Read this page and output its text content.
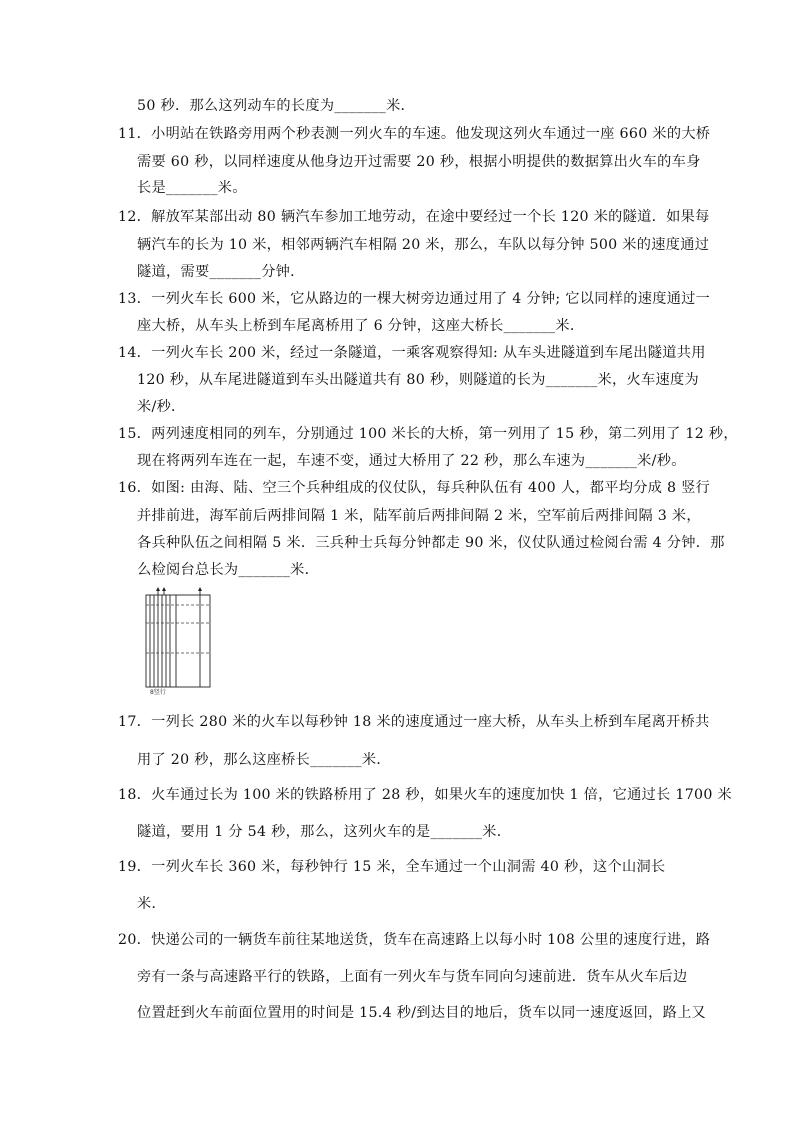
50 秒．那么这列动车的长度为_______米．
11．小明站在铁路旁用两个秒表测一列火车的车速。他发现这列火车通过一座 660 米的大桥
需要 60 秒，以同样速度从他身边开过需要 20 秒，根据小明提供的数据算出火车的车身
长是_______米。
12．解放军某部出动 80 辆汽车参加工地劳动，在途中要经过一个长 120 米的隧道．如果每
辆汽车的长为 10 米，相邻两辆汽车相隔 20 米，那么，车队以每分钟 500 米的速度通过
隧道，需要_______分钟．
13．一列火车长 600 米，它从路边的一棵大树旁边通过用了 4 分钟; 它以同样的速度通过一
座大桥，从车头上桥到车尾离桥用了 6 分钟，这座大桥长_______米．
14．一列火车长 200 米，经过一条隧道，一乘客观察得知: 从车头进隧道到车尾出隧道共用
120 秒，从车尾进隧道到车头出隧道共有 80 秒，则隧道的长为_______米，火车速度为
米/秒．
15．两列速度相同的列车，分别通过 100 米长的大桥，第一列用了 15 秒，第二列用了 12 秒，
现在将两列车连在一起，车速不变，通过大桥用了 22 秒，那么车速为_______米/秒。
16．如图: 由海、陆、空三个兵种组成的仪仗队，每兵种队伍有 400 人，都平均分成 8 竖行
并排前进，海军前后两排间隔 1 米，陆军前后两排间隔 2 米，空军前后两排间隔 3 米，
各兵种队伍之间相隔 5 米．三兵种士兵每分钟都走 90 米，仪仗队通过检阅台需 4 分钟．那
么检阅台总长为_______米．
8竖行
17．一列长 280 米的火车以每秒钟 18 米的速度通过一座大桥，从车头上桥到车尾离开桥共
用了 20 秒，那么这座桥长_______米．
18．火车通过长为 100 米的铁路桥用了 28 秒，如果火车的速度加快 1 倍，它通过长 1700 米
隧道，要用 1 分 54 秒，那么，这列火车的是_______米．
19．一列火车长 360 米，每秒钟行 15 米，全车通过一个山洞需 40 秒，这个山洞长
米．
20．快递公司的一辆货车前往某地送货，货车在高速路上以每小时 108 公里的速度行进，路
旁有一条与高速路平行的铁路，上面有一列火车与货车同向匀速前进．货车从火车后边
位置赶到火车前面位置用的时间是 15.4 秒/到达目的地后，货车以同一速度返回，路上又
